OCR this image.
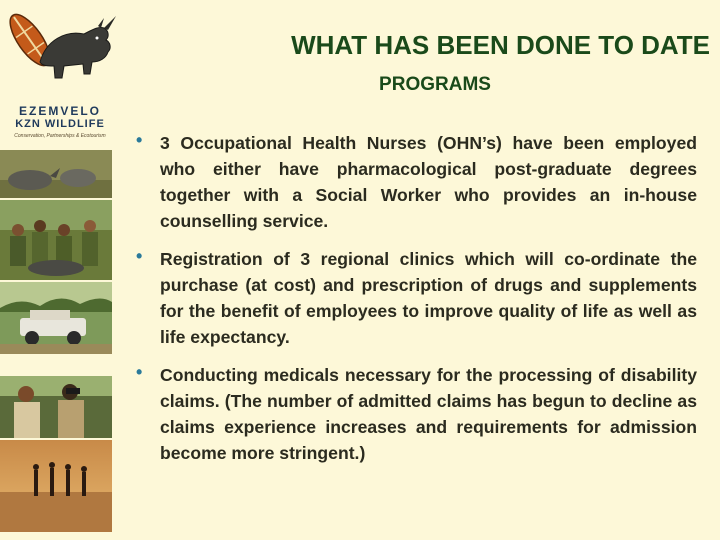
EZEMVELO
KZN WILDLIFE
Conservation, Partnerships & Ecotourism
WHAT HAS BEEN DONE TO DATE
PROGRAMS
• 3 Occupational Health Nurses (OHN’s) have been employed who either have pharmacological post-graduate degrees together with a Social Worker who provides an in-house counselling service.
• Registration of 3 regional clinics which will co-ordinate the purchase (at cost) and prescription of drugs and supplements for the benefit of employees to improve quality of life as well as life expectancy.
• Conducting medicals necessary for the processing of disability claims. (The number of admitted claims has begun to decline as claims experience increases and requirements for admission become more stringent.)
